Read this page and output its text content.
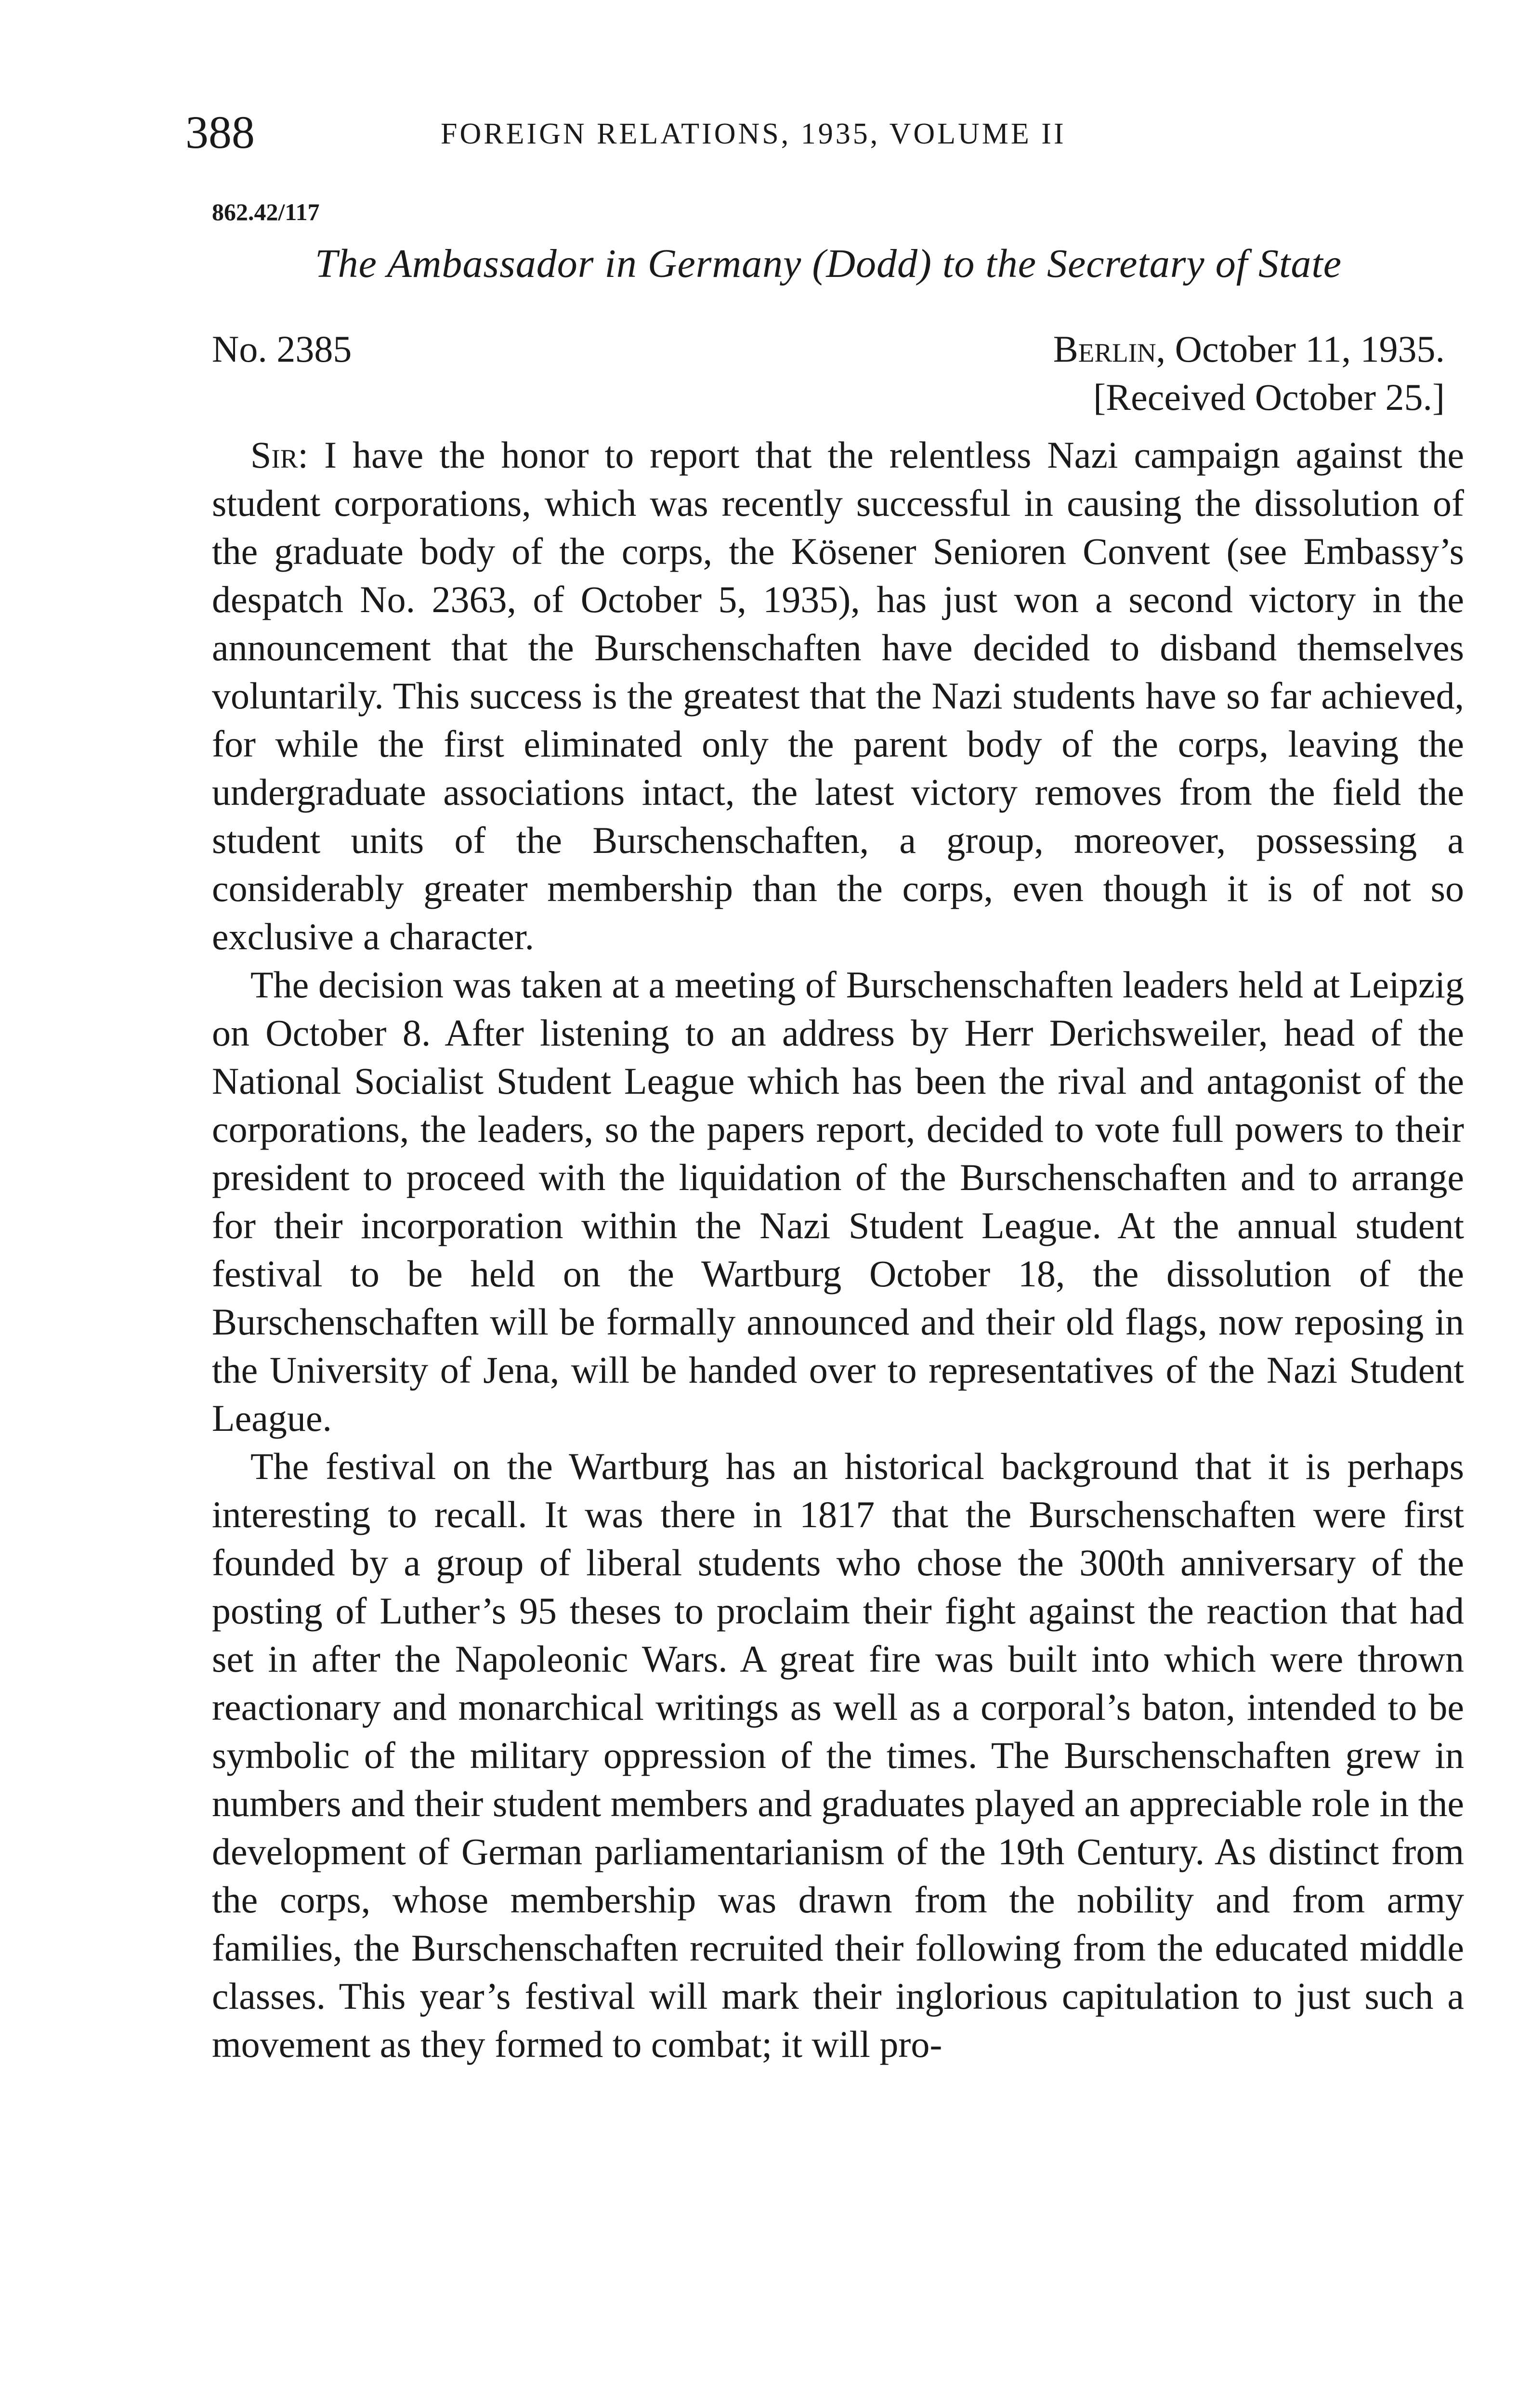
388	FOREIGN RELATIONS, 1935, VOLUME II
862.42/117
The Ambassador in Germany (Dodd) to the Secretary of State
No. 2385	Berlin, October 11, 1935.
[Received October 25.]

Sir: I have the honor to report that the relentless Nazi campaign against the student corporations, which was recently successful in causing the dissolution of the graduate body of the corps, the Kösener Senioren Convent (see Embassy’s despatch No. 2363, of October 5, 1935), has just won a second victory in the announcement that the Burschenschaften have decided to disband themselves voluntarily. This success is the greatest that the Nazi students have so far achieved, for while the first eliminated only the parent body of the corps, leaving the undergraduate associations intact, the latest victory removes from the field the student units of the Burschenschaften, a group, moreover, possessing a considerably greater membership than the corps, even though it is of not so exclusive a character.

The decision was taken at a meeting of Burschenschaften leaders held at Leipzig on October 8. After listening to an address by Herr Derichsweiler, head of the National Socialist Student League which has been the rival and antagonist of the corporations, the leaders, so the papers report, decided to vote full powers to their president to proceed with the liquidation of the Burschenschaften and to arrange for their incorporation within the Nazi Student League. At the annual student festival to be held on the Wartburg October 18, the dissolution of the Burschenschaften will be formally announced and their old flags, now reposing in the University of Jena, will be handed over to representatives of the Nazi Student League.

The festival on the Wartburg has an historical background that it is perhaps interesting to recall. It was there in 1817 that the Burschenschaften were first founded by a group of liberal students who chose the 300th anniversary of the posting of Luther’s 95 theses to proclaim their fight against the reaction that had set in after the Napoleonic Wars. A great fire was built into which were thrown reactionary and monarchical writings as well as a corporal’s baton, intended to be symbolic of the military oppression of the times. The Burschenschaften grew in numbers and their student members and graduates played an appreciable role in the development of German parliamentarianism of the 19th Century. As distinct from the corps, whose membership was drawn from the nobility and from army families, the Burschenschaften recruited their following from the educated middle classes. This year’s festival will mark their inglorious capitulation to just such a movement as they formed to combat; it will pro-
